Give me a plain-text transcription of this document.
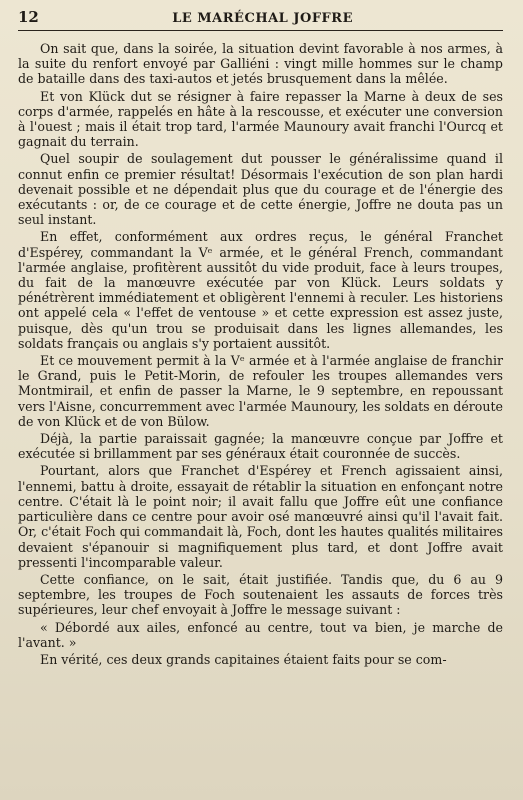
12	LE MARÉCHAL JOFFRE

On sait que, dans la soirée, la situation devint favorable à nos armes, à la suite du renfort envoyé par Galliéni : vingt mille hommes sur le champ de bataille dans des taxi-autos et jetés brusquement dans la mêlée.

Et von Klück dut se résigner à faire repasser la Marne à deux de ses corps d'armée, rappelés en hâte à la rescousse, et exécuter une conversion à l'ouest ; mais il était trop tard, l'armée Maunoury avait franchi l'Ourcq et gagnait du terrain.

Quel soupir de soulagement dut pousser le généralissime quand il connut enfin ce premier résultat! Désormais l'exécution de son plan hardi devenait possible et ne dépendait plus que du courage et de l'énergie des exécutants : or, de ce courage et de cette énergie, Joffre ne douta pas un seul instant.

En effet, conformément aux ordres reçus, le général Franchet d'Espérey, commandant la Vᵉ armée, et le général French, commandant l'armée anglaise, profitèrent aussitôt du vide produit, face à leurs troupes, du fait de la manœuvre exécutée par von Klück. Leurs soldats y pénétrèrent immédiatement et obligèrent l'ennemi à reculer. Les historiens ont appelé cela « l'effet de ventouse » et cette expression est assez juste, puisque, dès qu'un trou se produisait dans les lignes allemandes, les soldats français ou anglais s'y portaient aussitôt.

Et ce mouvement permit à la Vᵉ armée et à l'armée anglaise de franchir le Grand, puis le Petit-Morin, de refouler les troupes allemandes vers Montmirail, et enfin de passer la Marne, le 9 septembre, en repoussant vers l'Aisne, concurremment avec l'armée Maunoury, les soldats en déroute de von Klück et de von Bülow.

Déjà, la partie paraissait gagnée; la manœuvre conçue par Joffre et exécutée si brillamment par ses généraux était couronnée de succès.

Pourtant, alors que Franchet d'Espérey et French agissaient ainsi, l'ennemi, battu à droite, essayait de rétablir la situation en enfonçant notre centre. C'était là le point noir; il avait fallu que Joffre eût une confiance particulière dans ce centre pour avoir osé manœuvré ainsi qu'il l'avait fait. Or, c'était Foch qui commandait là, Foch, dont les hautes qualités militaires devaient s'épanouir si magnifiquement plus tard, et dont Joffre avait pressenti l'incomparable valeur.

Cette confiance, on le sait, était justifiée. Tandis que, du 6 au 9 septembre, les troupes de Foch soutenaient les assauts de forces très supérieures, leur chef envoyait à Joffre le message suivant :

« Débordé aux ailes, enfoncé au centre, tout va bien, je marche de l'avant. »

En vérité, ces deux grands capitaines étaient faits pour se com-
